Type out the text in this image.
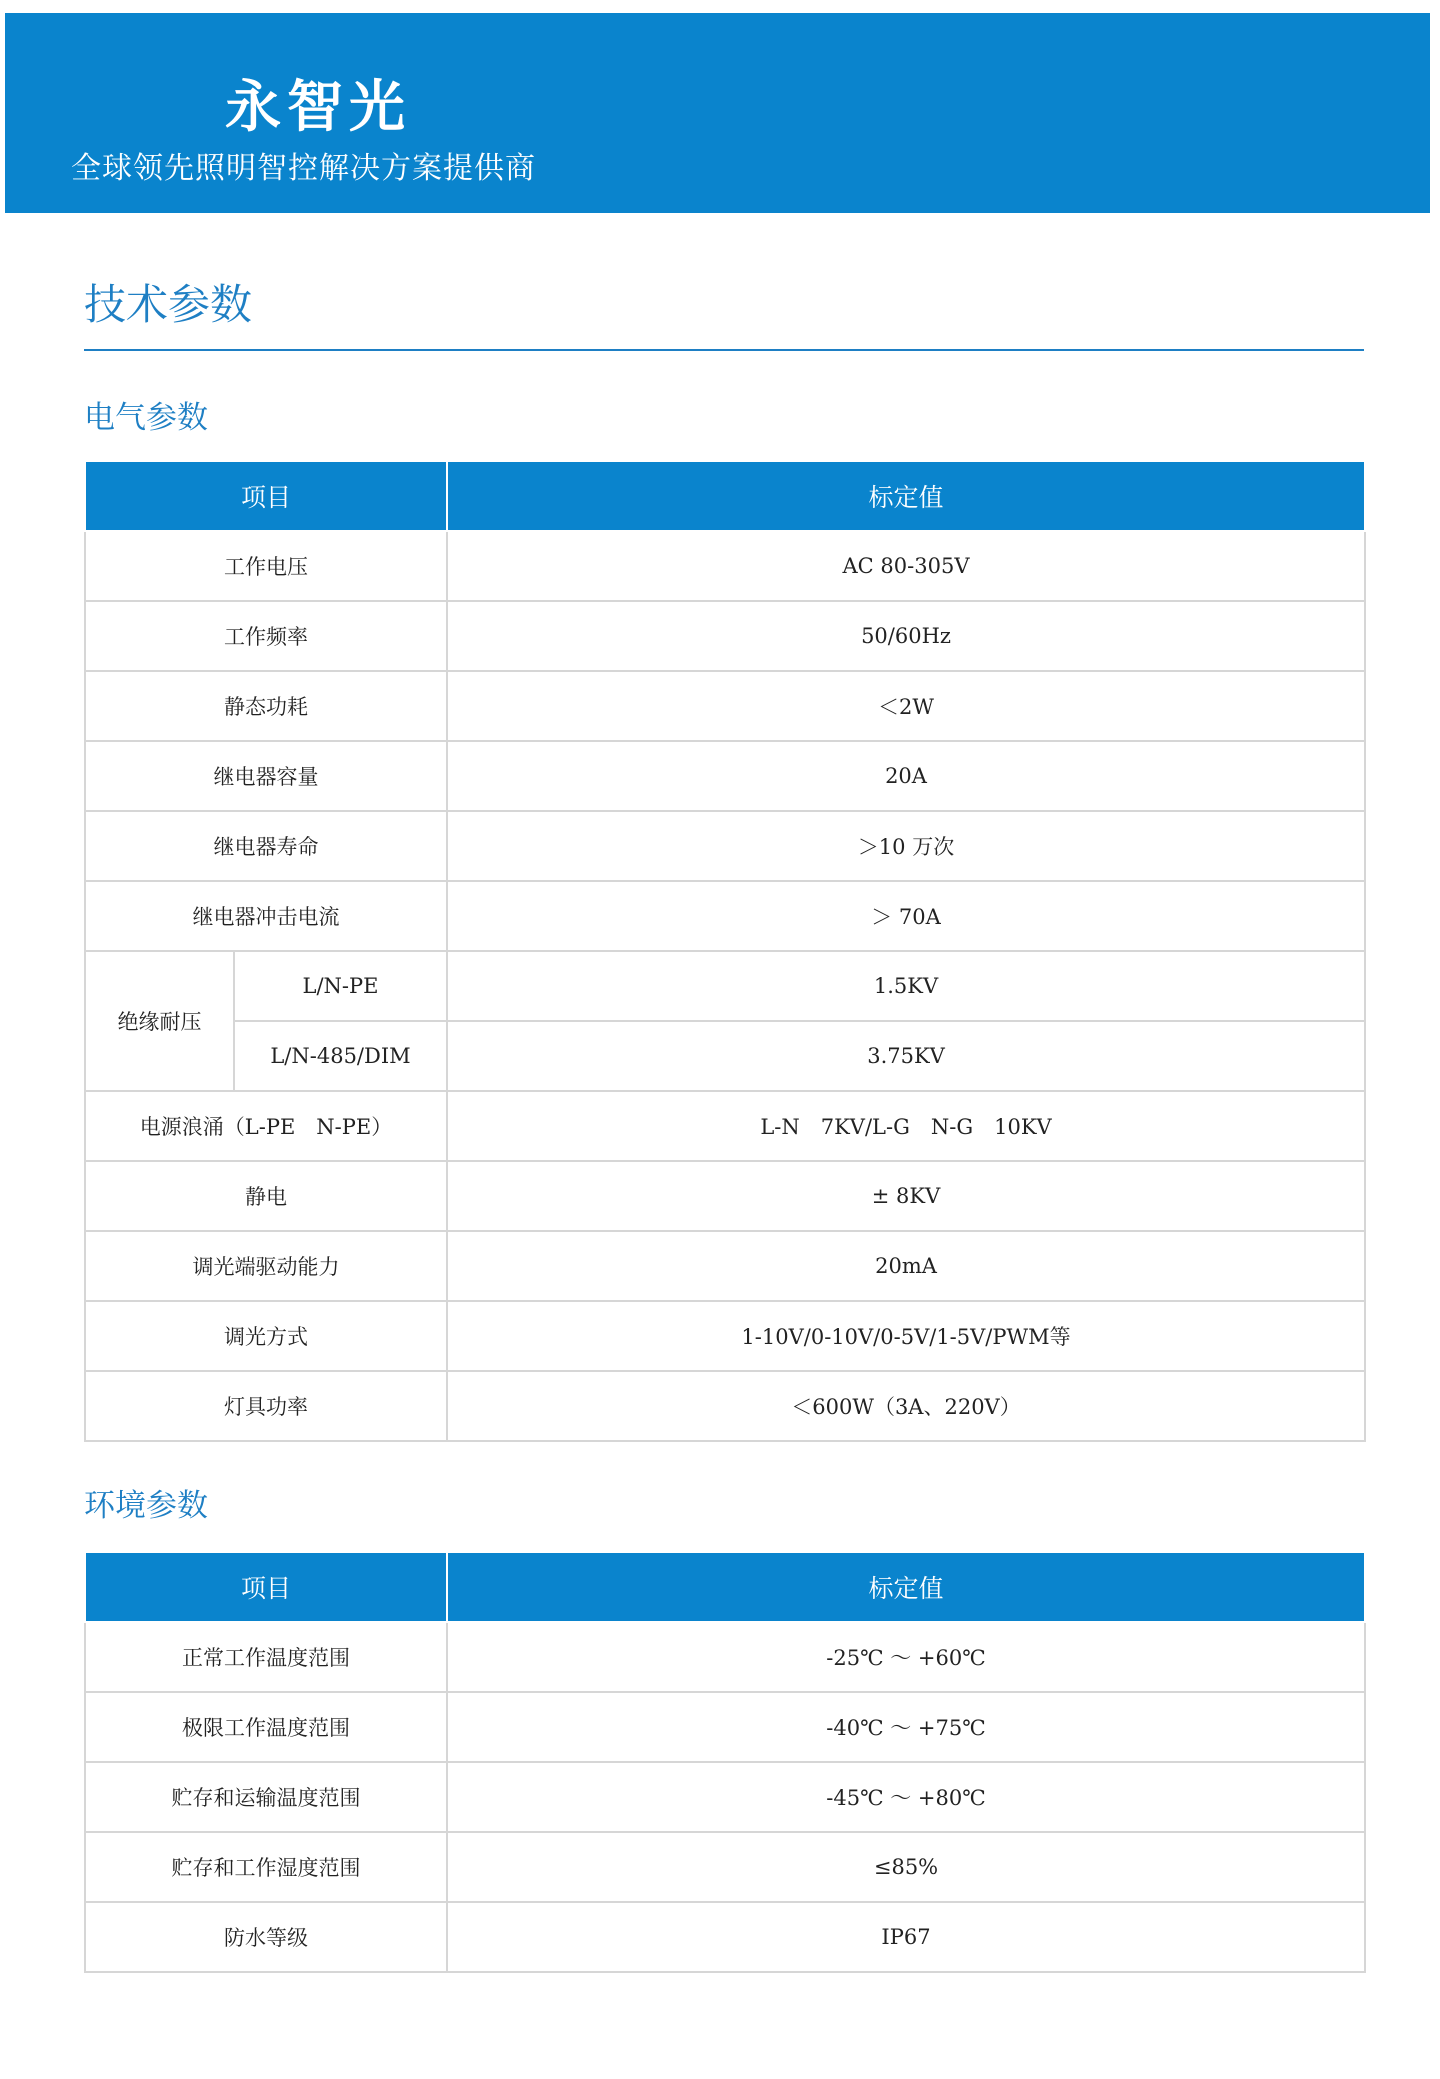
永智光
全球领先照明智控解决方案提供商
技术参数
电气参数
项目		标定值
工作电压		AC 80-305V
工作频率		50/60Hz
静态功耗		＜2W
继电器容量		20A
继电器寿命		＞10 万次
继电器冲击电流		＞ 70A
绝缘耐压	L/N-PE	1.5KV
	L/N-485/DIM	3.75KV
电源浪涌（L-PE　N-PE）		L-N　7KV/L-G　N-G　10KV
静电		± 8KV
调光端驱动能力		20mA
调光方式		1-10V/0-10V/0-5V/1-5V/PWM等
灯具功率		＜600W（3A、220V）
环境参数
项目	标定值
正常工作温度范围	-25℃ ～ +60℃
极限工作温度范围	-40℃ ～ +75℃
贮存和运输温度范围	-45℃ ～ +80℃
贮存和工作湿度范围	≤85%
防水等级	IP67
